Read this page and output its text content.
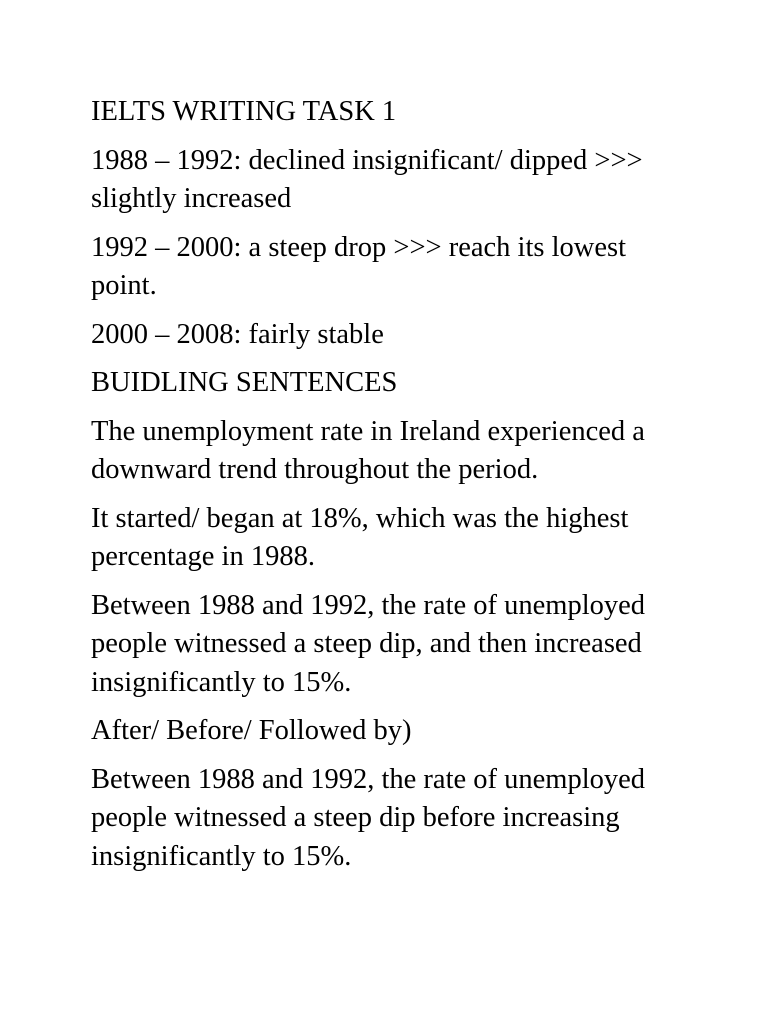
IELTS WRITING TASK 1

1988 – 1992: declined insignificant/ dipped >>> slightly increased

1992 – 2000: a steep drop >>> reach its lowest point.

2000 – 2008: fairly stable

BUIDLING SENTENCES

The unemployment rate in Ireland experienced a downward trend throughout the period.

It started/ began at 18%, which was the highest percentage in 1988.

Between 1988 and 1992, the rate of unemployed people witnessed a steep dip, and then increased insignificantly to 15%.

After/ Before/ Followed by)

Between 1988 and 1992, the rate of unemployed people witnessed a steep dip before increasing insignificantly to 15%.
